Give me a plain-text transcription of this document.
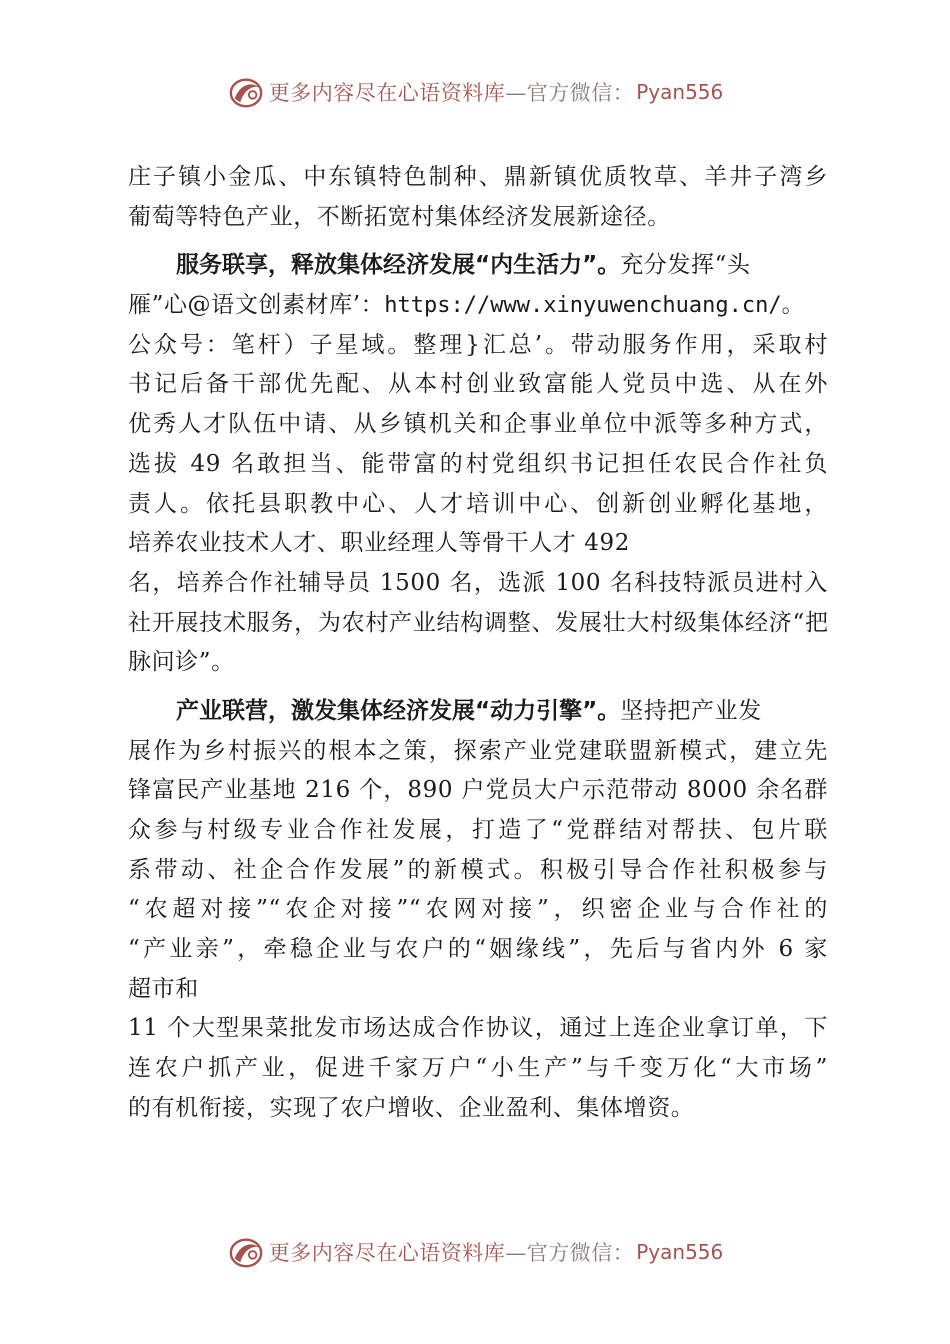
更多内容尽在心语资料库 —官方微信： Pyan556
庄子镇小金瓜、中东镇特色制种、鼎新镇优质牧草、羊井子湾乡
葡萄等特色产业，不断拓宽村集体经济发展新途径。
服务联享，释放集体经济发展“内生活力”。充分发挥“头
雁”心@语文创素材库’：https://www.xinyuwenchuang.cn/。
公众号：笔杆）子星域。整理}汇总’。带动服务作用，采取村
书记后备干部优先配、从本村创业致富能人党员中选、从在外
优秀人才队伍中请、从乡镇机关和企事业单位中派等多种方式，
选拔 49 名敢担当、能带富的村党组织书记担任农民合作社负
责人。依托县职教中心、人才培训中心、创新创业孵化基地，
培养农业技术人才、职业经理人等骨干人才 492
名，培养合作社辅导员 1500 名，选派 100 名科技特派员进村入
社开展技术服务，为农村产业结构调整、发展壮大村级集体经济“把
脉问诊”。
产业联营，激发集体经济发展“动力引擎”。坚持把产业发
展作为乡村振兴的根本之策，探索产业党建联盟新模式，建立先
锋富民产业基地 216 个，890 户党员大户示范带动 8000 余名群
众参与村级专业合作社发展，打造了“党群结对帮扶、包片联
系带动、社企合作发展”的新模式。积极引导合作社积极参与
“农超对接”“农企对接”“农网对接”，织密企业与合作社的
“产业亲”，牵稳企业与农户的“姻缘线”，先后与省内外 6 家
超市和
11 个大型果菜批发市场达成合作协议，通过上连企业拿订单，下
连农户抓产业，促进千家万户“小生产”与千变万化“大市场”
的有机衔接，实现了农户增收、企业盈利、集体增资。
更多内容尽在心语资料库 —官方微信： Pyan556
